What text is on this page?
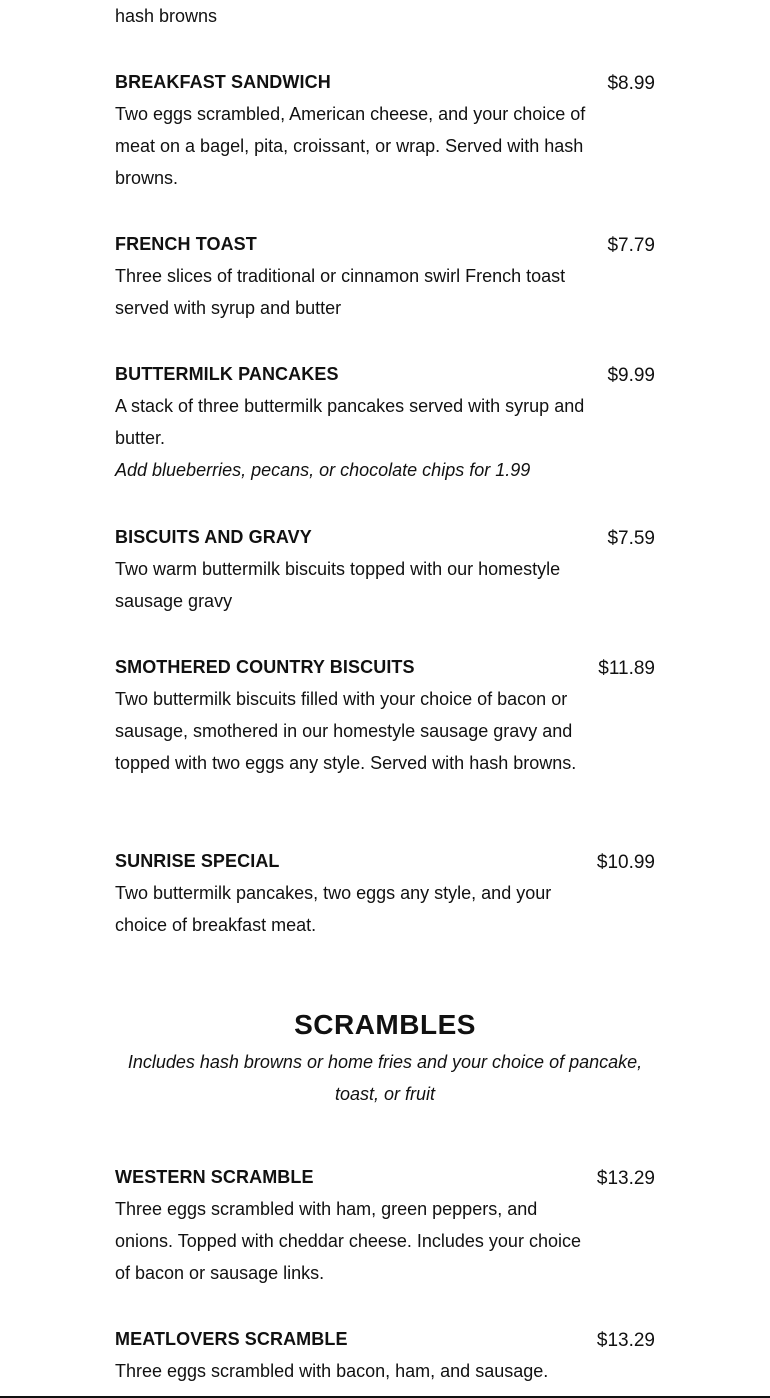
hash browns
BREAKFAST SANDWICH	$8.99
Two eggs scrambled, American cheese, and your choice of meat on a bagel, pita, croissant, or wrap. Served with hash browns.
FRENCH TOAST	$7.79
Three slices of traditional or cinnamon swirl French toast served with syrup and butter
BUTTERMILK PANCAKES	$9.99
A stack of three buttermilk pancakes served with syrup and butter.
Add blueberries, pecans, or chocolate chips for 1.99
BISCUITS AND GRAVY	$7.59
Two warm buttermilk biscuits topped with our homestyle sausage gravy
SMOTHERED COUNTRY BISCUITS	$11.89
Two buttermilk biscuits filled with your choice of bacon or sausage, smothered in our homestyle sausage gravy and topped with two eggs any style. Served with hash browns.
SUNRISE SPECIAL	$10.99
Two buttermilk pancakes, two eggs any style, and your choice of breakfast meat.
SCRAMBLES
Includes hash browns or home fries and your choice of pancake, toast, or fruit
WESTERN SCRAMBLE	$13.29
Three eggs scrambled with ham, green peppers, and onions. Topped with cheddar cheese. Includes your choice of bacon or sausage links.
MEATLOVERS SCRAMBLE	$13.29
Three eggs scrambled with bacon, ham, and sausage.
